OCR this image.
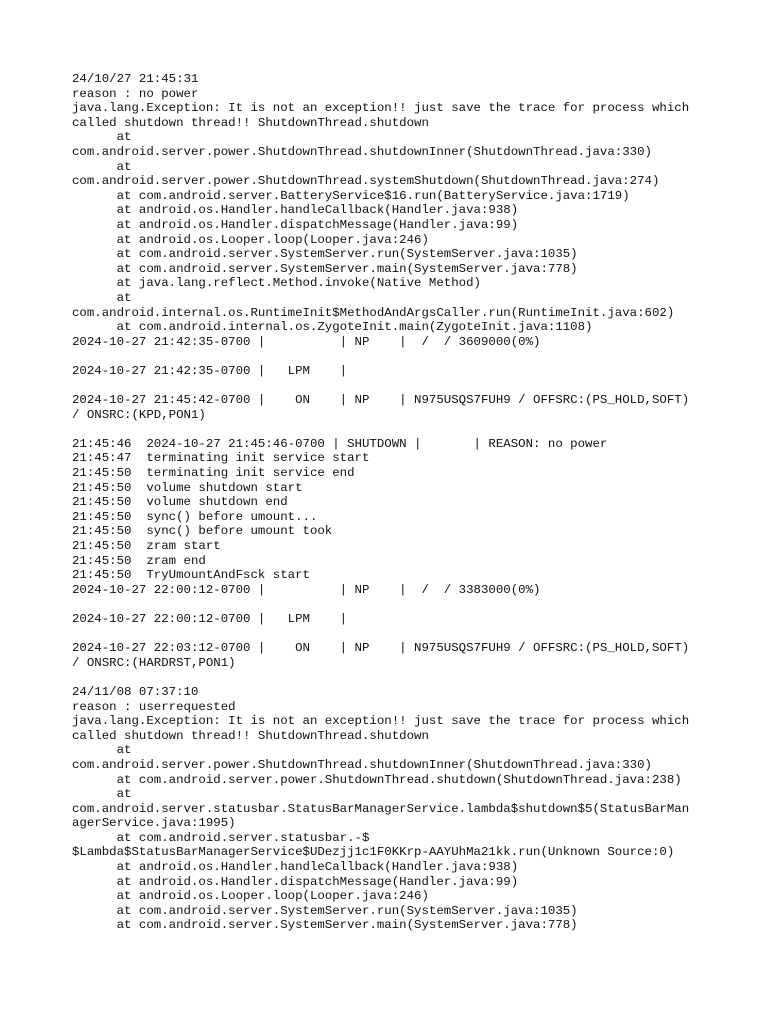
24/10/27 21:45:31
reason : no power
java.lang.Exception: It is not an exception!! just save the trace for process which
called shutdown thread!! ShutdownThread.shutdown
at
com.android.server.power.ShutdownThread.shutdownInner(ShutdownThread.java:330)
at
com.android.server.power.ShutdownThread.systemShutdown(ShutdownThread.java:274)
at com.android.server.BatteryService$16.run(BatteryService.java:1719)
at android.os.Handler.handleCallback(Handler.java:938)
at android.os.Handler.dispatchMessage(Handler.java:99)
at android.os.Looper.loop(Looper.java:246)
at com.android.server.SystemServer.run(SystemServer.java:1035)
at com.android.server.SystemServer.main(SystemServer.java:778)
at java.lang.reflect.Method.invoke(Native Method)
at
com.android.internal.os.RuntimeInit$MethodAndArgsCaller.run(RuntimeInit.java:602)
at com.android.internal.os.ZygoteInit.main(ZygoteInit.java:1108)
2024-10-27 21:42:35-0700 |          | NP    |  /  / 3609000(0%)
2024-10-27 21:42:35-0700 |   LPM    |
2024-10-27 21:45:42-0700 |    ON    | NP    | N975USQS7FUH9 / OFFSRC:(PS_HOLD,SOFT)
/ ONSRC:(KPD,PON1)
21:45:46  2024-10-27 21:45:46-0700 | SHUTDOWN |       | REASON: no power
21:45:47  terminating init service start
21:45:50  terminating init service end
21:45:50  volume shutdown start
21:45:50  volume shutdown end
21:45:50  sync() before umount...
21:45:50  sync() before umount took
21:45:50  zram start
21:45:50  zram end
21:45:50  TryUmountAndFsck start
2024-10-27 22:00:12-0700 |          | NP    |  /  / 3383000(0%)
2024-10-27 22:00:12-0700 |   LPM    |
2024-10-27 22:03:12-0700 |    ON    | NP    | N975USQS7FUH9 / OFFSRC:(PS_HOLD,SOFT)
/ ONSRC:(HARDRST,PON1)
24/11/08 07:37:10
reason : userrequested
java.lang.Exception: It is not an exception!! just save the trace for process which
called shutdown thread!! ShutdownThread.shutdown
at
com.android.server.power.ShutdownThread.shutdownInner(ShutdownThread.java:330)
at com.android.server.power.ShutdownThread.shutdown(ShutdownThread.java:238)
at
com.android.server.statusbar.StatusBarManagerService.lambda$shutdown$5(StatusBarMan
agerService.java:1995)
at com.android.server.statusbar.-$
$Lambda$StatusBarManagerService$UDezjj1c1F0KKrp-AAYUhMa21kk.run(Unknown Source:0)
at android.os.Handler.handleCallback(Handler.java:938)
at android.os.Handler.dispatchMessage(Handler.java:99)
at android.os.Looper.loop(Looper.java:246)
at com.android.server.SystemServer.run(SystemServer.java:1035)
at com.android.server.SystemServer.main(SystemServer.java:778)
